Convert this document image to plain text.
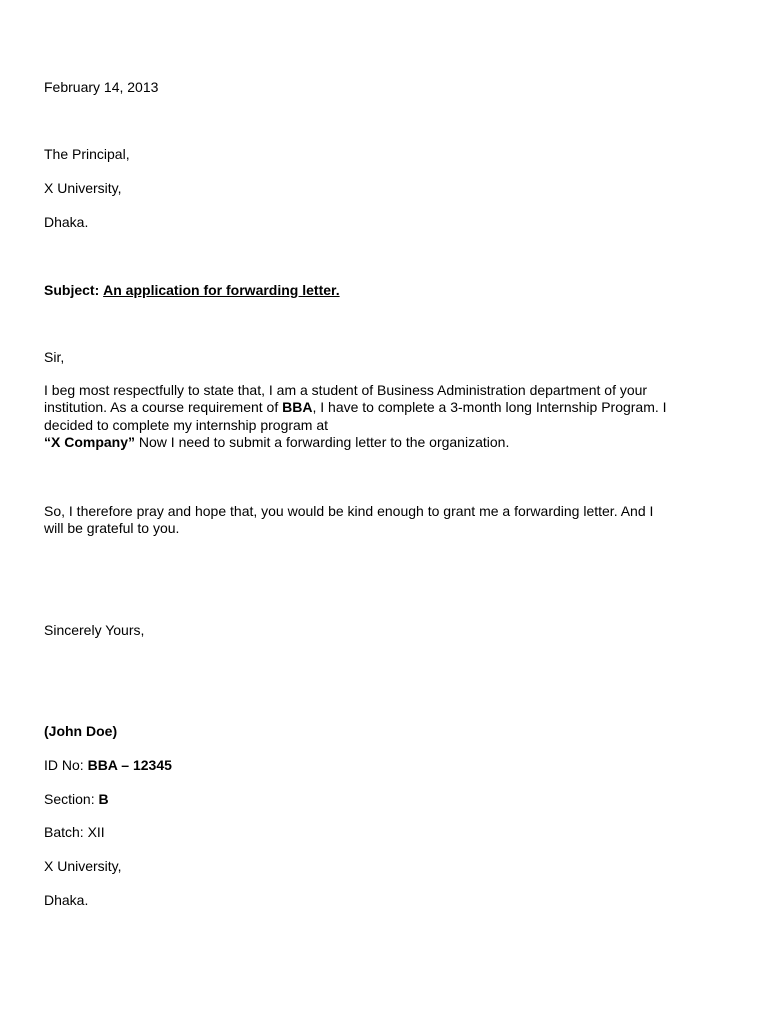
February 14, 2013
The Principal,
X University,
Dhaka.
Subject: An application for forwarding letter.
Sir,
I beg most respectfully to state that, I am a student of Business Administration department of your
institution. As a course requirement of BBA, I have to complete a 3-month long Internship Program. I
decided to complete my internship program at
“X Company” Now I need to submit a forwarding letter to the organization.
So, I therefore pray and hope that, you would be kind enough to grant me a forwarding letter. And I
will be grateful to you.
Sincerely Yours,
(John Doe)
ID No: BBA – 12345
Section: B
Batch: XII
X University,
Dhaka.
